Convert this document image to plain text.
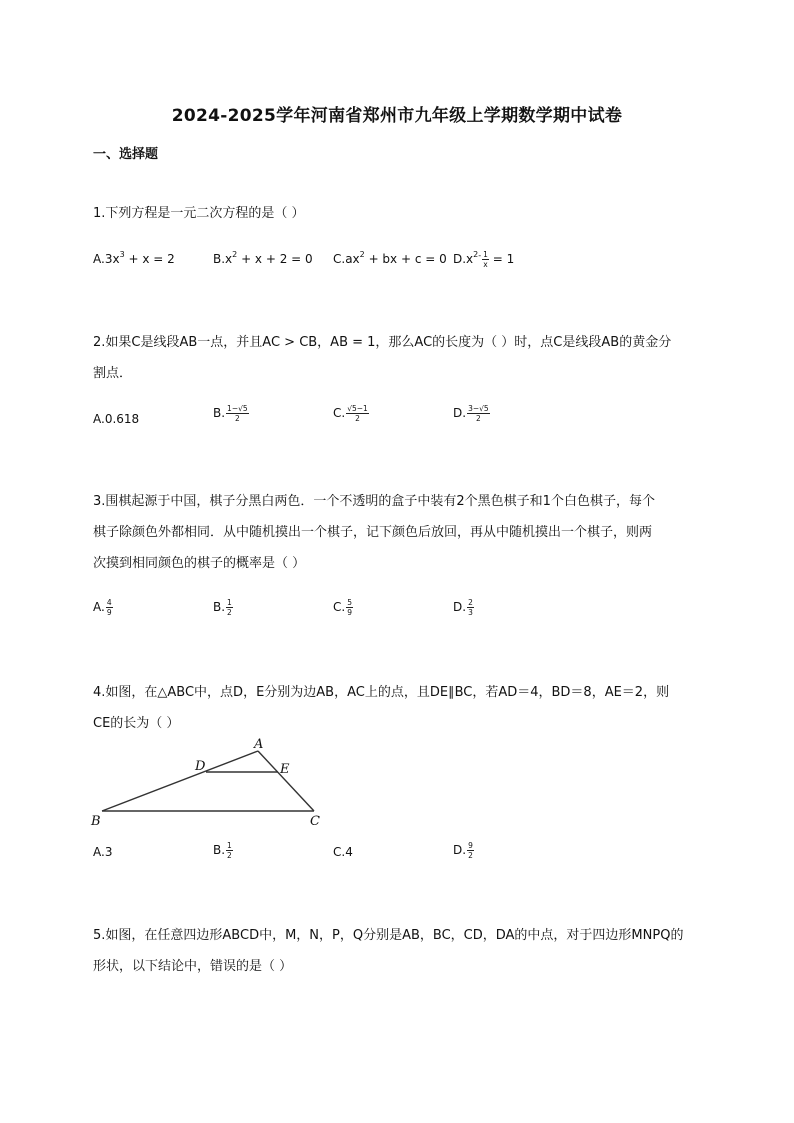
2024-2025学年河南省郑州市九年级上学期数学期中试卷
一、选择题
1.下列方程是一元二次方程的是（ ）
$A.3x^3 + x = 2$	$B.x^2 + x + 2 = 0$ $C.ax^2$ + bx + c = 0 $D.x^{2-} \frac{1}{x} = 1$
2.如果C是线段AB一点，并且AC > CB，AB = 1，那么AC的长度为（ ）时，点C是线段AB的黄金分
割点．
A.0.618	B. $\frac{1-√5}{2}$	C. $\frac{√5-1}{2}$	D. $\frac{3-√5}{2}$
3.围棋起源于中国，棋子分黑白两色．一个不透明的盒子中装有2个黑色棋子和1个白色棋子，每个
棋子除颜色外都相同．从中随机摸出一个棋子，记下颜色后放回，再从中随机摸出一个棋子，则两
次摸到相同颜色的棋子的概率是（ ）
A. $\frac{4}{9}$	B. $\frac{1}{2}$	C. $\frac{5}{9}$	D. $\frac{2}{3}$
4.如图，在△ABC中，点D，E分别为边AB，AC上的点，且DE∥BC，若AD＝4，BD＝8，AE＝2，则
CE的长为（ ）
A
B	C
D	E
A.3	B. $\frac{1}{2}$	C.4	D. $\frac{9}{2}$
5.如图，在任意四边形ABCD中，M，N，P，Q分别是AB，BC，CD，DA的中点，对于四边形MNPQ的
形状，以下结论中，错误的是（ ）
